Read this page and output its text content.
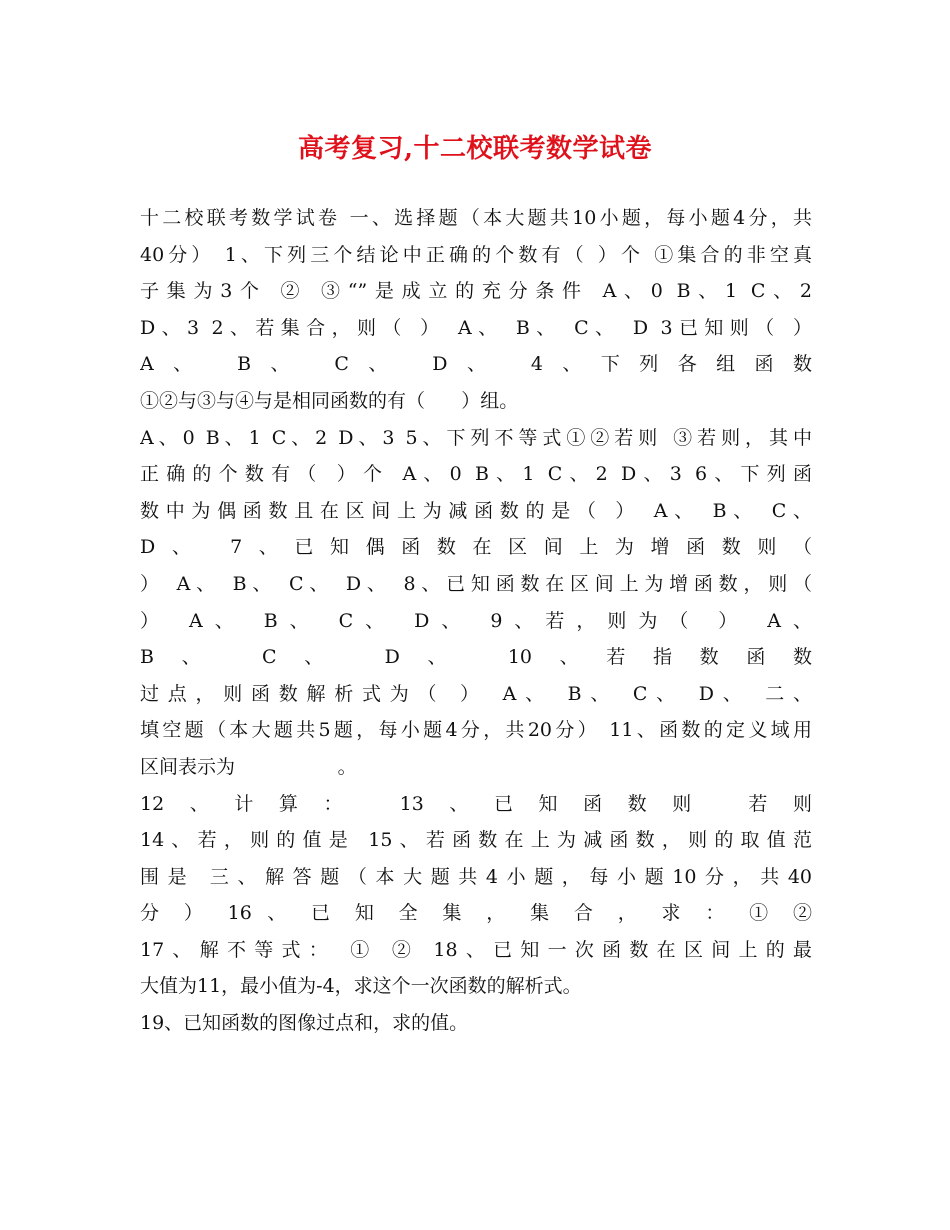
高考复习,十二校联考数学试卷

十二校联考数学试卷 一、选择题（本大题共10小题，每小题4分，共

40分） 1、下列三个结论中正确的个数有（ ）个 ①集合的非空真

子集为3个 ② ③“”是成立的充分条件 A、0 B、1 C、2

D、3 2、若集合，则（ ） A、 B、 C、 D 3已知则（ ）

A、 B、 C、 D、 4、下列各组函数

①②与③与④与是相同函数的有（      ）组。

A、0 B、1 C、2 D、3 5、下列不等式①②若则 ③若则，其中

正确的个数有（ ）个 A、0 B、1 C、2 D、3 6、下列函

数中为偶函数且在区间上为减函数的是（ ） A、 B、 C、

D、 7、已知偶函数在区间上为增函数则（

） A、 B、 C、 D、 8、已知函数在区间上为增函数，则（

） A、 B、 C、 D、 9、若，则为（ ） A、

B、 C、 D、 10、若指数函数

过点，则函数解析式为（ ） A、 B、 C、 D、 二、

填空题（本大题共5题，每小题4分，共20分） 11、函数的定义域用

区间表示为                 。

12、计算： 13、已知函数则 若则

14、若，则的值是 15、若函数在上为减函数，则的取值范

围是 三、解答题（本大题共4小题，每小题10分，共40

分 ） 16 、 已 知 全 集 ， 集 合 ， 求 ： ① ②

17、解不等式： ① ② 18、已知一次函数在区间上的最

大值为11，最小值为-4，求这个一次函数的解析式。

19、已知函数的图像过点和，求的值。
